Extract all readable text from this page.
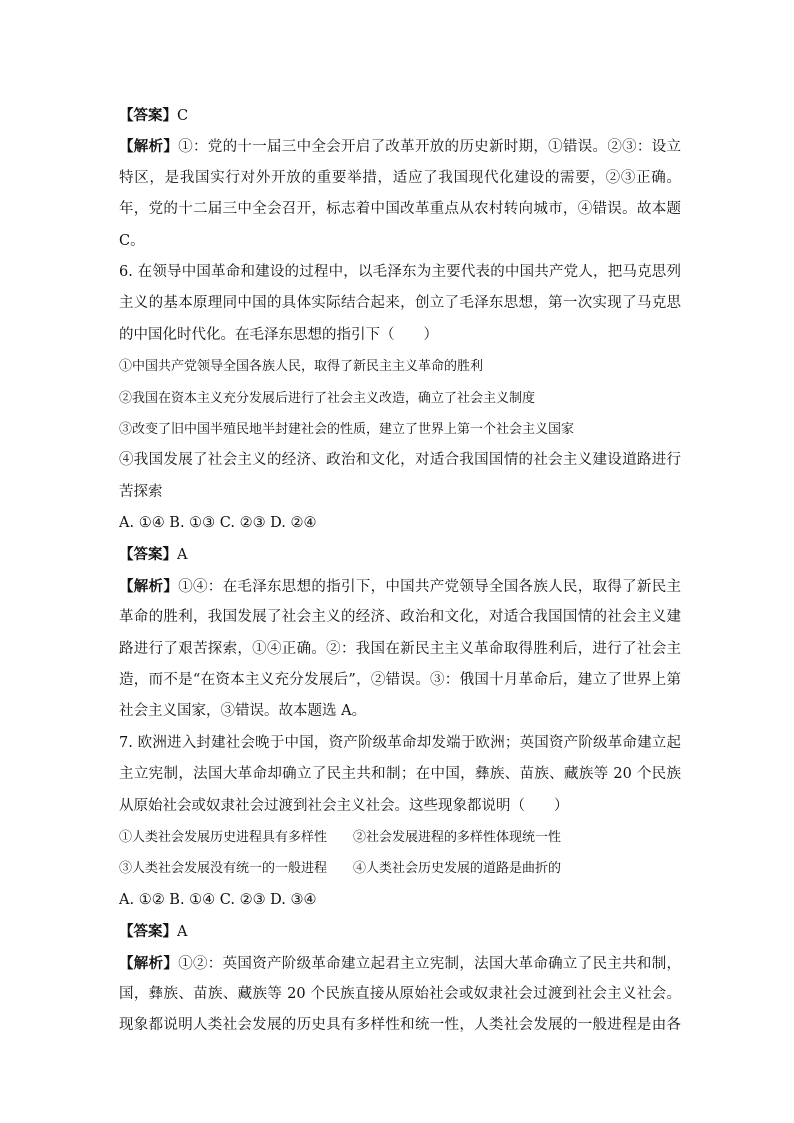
【答案】C
【解析】①：党的十一届三中全会开启了改革开放的历史新时期，①错误。②③：设立
特区，是我国实行对外开放的重要举措，适应了我国现代化建设的需要，②③正确。
年，党的十二届三中全会召开，标志着中国改革重点从农村转向城市，④错误。故本题
C。
6. 在领导中国革命和建设的过程中，以毛泽东为主要代表的中国共产党人，把马克思列
主义的基本原理同中国的具体实际结合起来，创立了毛泽东思想，第一次实现了马克思
的中国化时代化。在毛泽东思想的指引下（　　）
①中国共产党领导全国各族人民，取得了新民主主义革命的胜利
②我国在资本主义充分发展后进行了社会主义改造，确立了社会主义制度
③改变了旧中国半殖民地半封建社会的性质，建立了世界上第一个社会主义国家
④我国发展了社会主义的经济、政治和文化，对适合我国国情的社会主义建设道路进行
苦探索
A. ①④ B. ①③ C. ②③ D. ②④
【答案】A
【解析】①④：在毛泽东思想的指引下，中国共产党领导全国各族人民，取得了新民主
革命的胜利，我国发展了社会主义的经济、政治和文化，对适合我国国情的社会主义建
路进行了艰苦探索，①④正确。②：我国在新民主主义革命取得胜利后，进行了社会主
造，而不是“在资本主义充分发展后”，②错误。③：俄国十月革命后，建立了世界上第
社会主义国家，③错误。故本题选 A。
7. 欧洲进入封建社会晚于中国，资产阶级革命却发端于欧洲；英国资产阶级革命建立起
主立宪制，法国大革命却确立了民主共和制；在中国，彝族、苗族、藏族等 20 个民族
从原始社会或奴隶社会过渡到社会主义社会。这些现象都说明（　　）
①人类社会发展历史进程具有多样性　　②社会发展进程的多样性体现统一性
③人类社会发展没有统一的一般进程　　④人类社会历史发展的道路是曲折的
A. ①② B. ①④ C. ②③ D. ③④
【答案】A
【解析】①②：英国资产阶级革命建立起君主立宪制，法国大革命确立了民主共和制，
国，彝族、苗族、藏族等 20 个民族直接从原始社会或奴隶社会过渡到社会主义社会。
现象都说明人类社会发展的历史具有多样性和统一性，人类社会发展的一般进程是由各
